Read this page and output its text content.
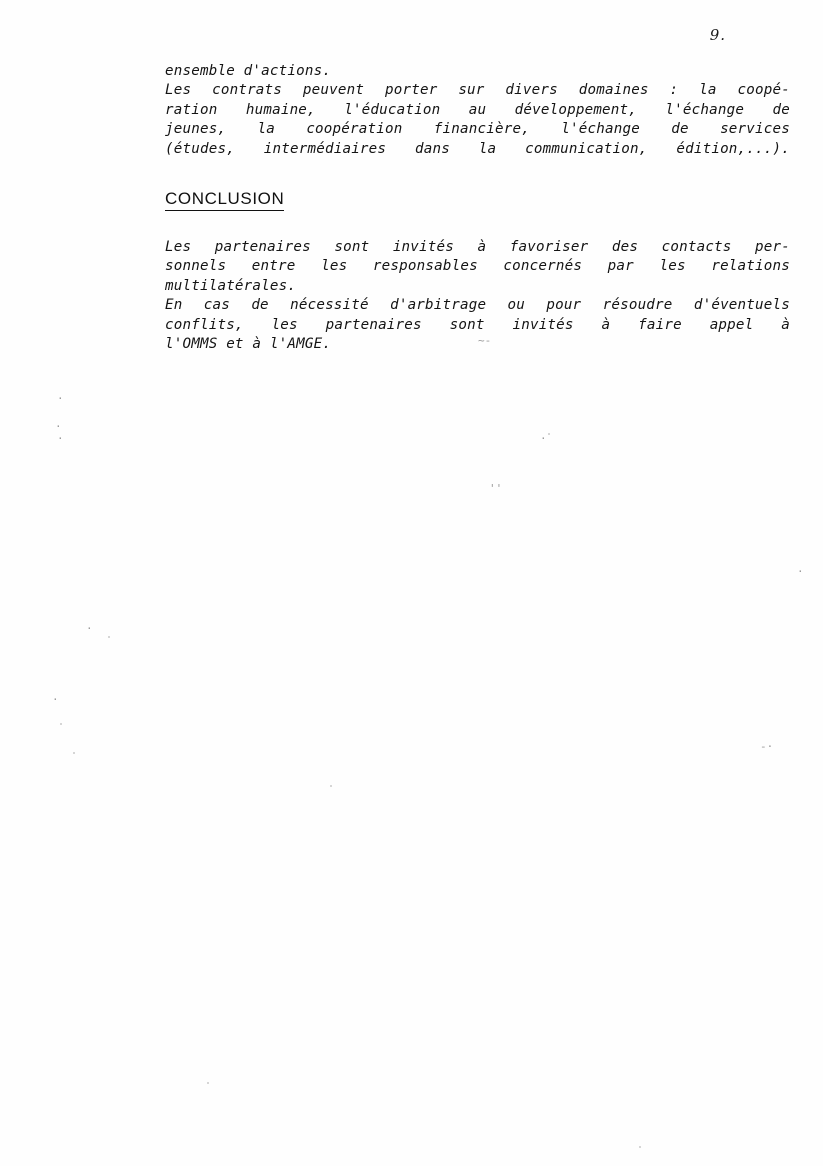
9.
ensemble d'actions.
Les contrats peuvent porter sur divers domaines : la coopé-
ration humaine, l'éducation au développement, l'échange de
jeunes, la coopération financière, l'échange de services
(études, intermédiaires dans la communication, édition,...).
CONCLUSION
Les partenaires sont invités à favoriser des contacts per-
sonnels entre les responsables concernés par les relations
multilatérales.
En cas de nécessité d'arbitrage ou pour résoudre d'éventuels
conflits, les partenaires sont invités à faire appel à
l'OMMS et à l'AMGE.	~-
·
·
·	·
''
·
·
·
-·
